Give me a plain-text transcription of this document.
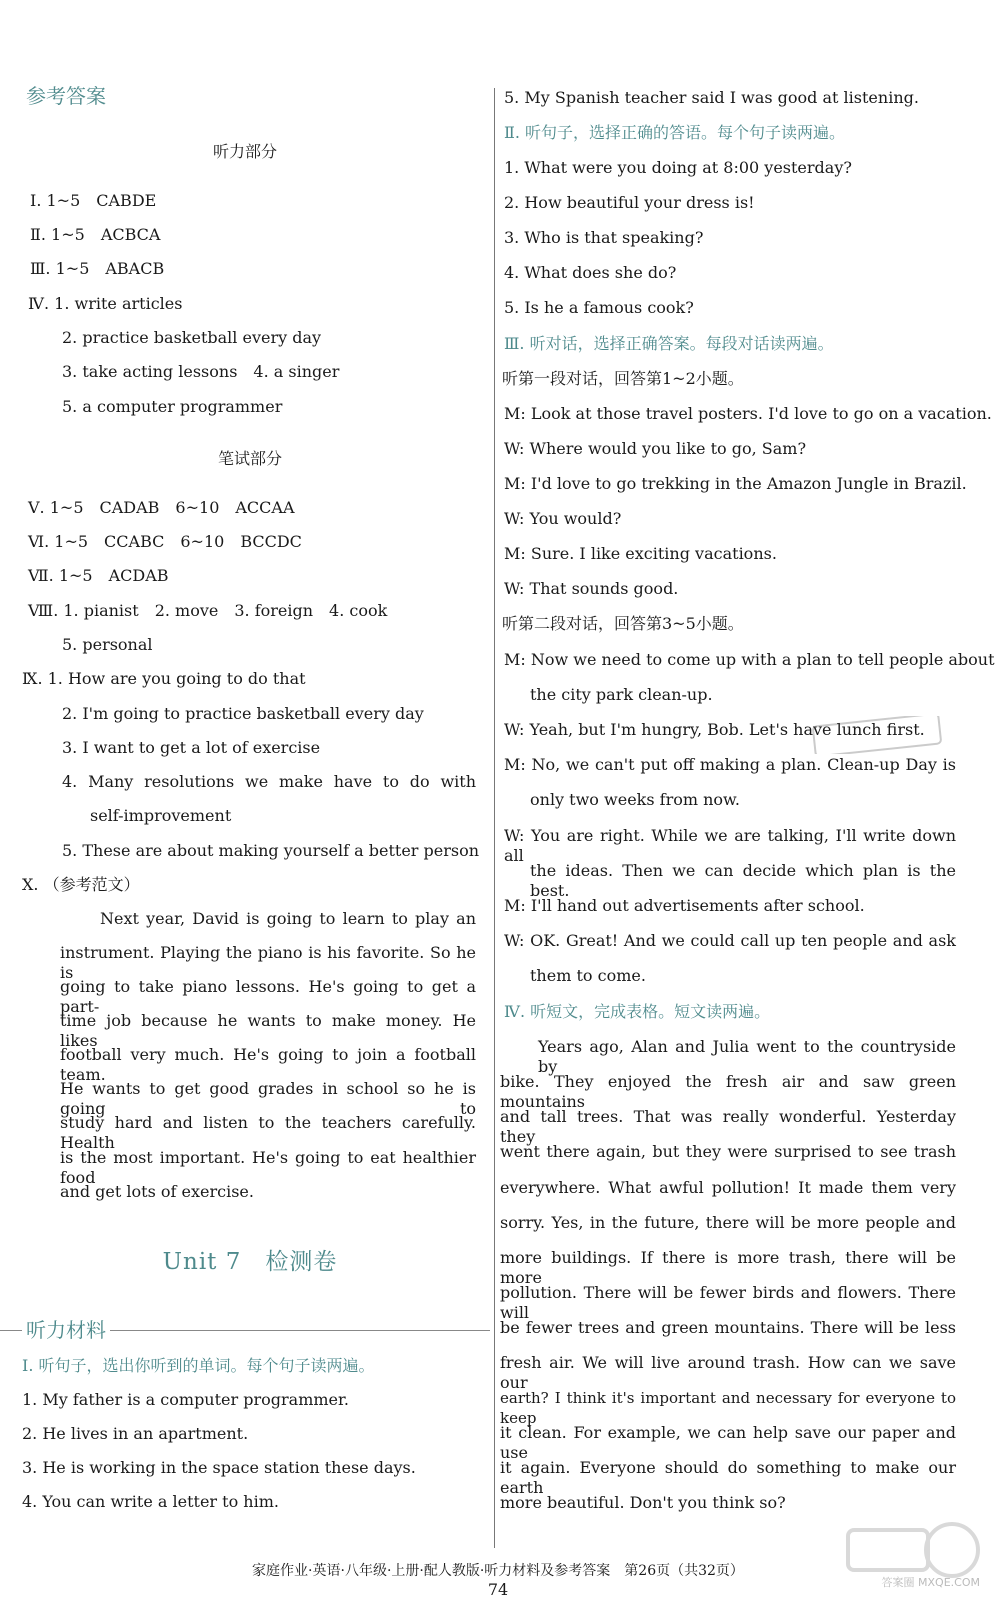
参考答案
听力部分
Ⅰ. 1~5　CABDE
Ⅱ. 1~5　ACBCA
Ⅲ. 1~5　ABACB
Ⅳ. 1. write articles
2. practice basketball every day
3. take acting lessons　4. a singer
5. a computer programmer
笔试部分
Ⅴ. 1~5　CADAB　6~10　ACCAA
Ⅵ. 1~5　CCABC　6~10　BCCDC
Ⅶ. 1~5　ACDAB
Ⅷ. 1. pianist　2. move　3. foreign　4. cook
5. personal
Ⅸ. 1. How are you going to do that
2. I'm going to practice basketball every day
3. I want to get a lot of exercise
4. Many resolutions we make have to do with
self-improvement
5. These are about making yourself a better person
Ⅹ. （参考范文）
Next year, David is going to learn to play an
instrument. Playing the piano is his favorite. So he is
going to take piano lessons. He's going to get a part-
time job because he wants to make money. He likes
football very much. He's going to join a football team.
He wants to get good grades in school so he is going to
study hard and listen to the teachers carefully. Health
is the most important. He's going to eat healthier food
and get lots of exercise.
Unit 7　检测卷
听力材料
Ⅰ. 听句子，选出你听到的单词。每个句子读两遍。
1. My father is a computer programmer.
2. He lives in an apartment.
3. He is working in the space station these days.
4. You can write a letter to him.
5. My Spanish teacher said I was good at listening.
Ⅱ. 听句子，选择正确的答语。每个句子读两遍。
1. What were you doing at 8:00 yesterday?
2. How beautiful your dress is!
3. Who is that speaking?
4. What does she do?
5. Is he a famous cook?
Ⅲ. 听对话，选择正确答案。每段对话读两遍。
听第一段对话，回答第1~2小题。
M: Look at those travel posters. I'd love to go on a vacation.
W: Where would you like to go, Sam?
M: I'd love to go trekking in the Amazon Jungle in Brazil.
W: You would?
M: Sure. I like exciting vacations.
W: That sounds good.
听第二段对话，回答第3~5小题。
M: Now we need to come up with a plan to tell people about
the city park clean-up.
W: Yeah, but I'm hungry, Bob. Let's have lunch first.
M: No, we can't put off making a plan. Clean-up Day is
only two weeks from now.
W: You are right. While we are talking, I'll write down all
the ideas. Then we can decide which plan is the best.
M: I'll hand out advertisements after school.
W: OK. Great! And we could call up ten people and ask
them to come.
Ⅳ. 听短文，完成表格。短文读两遍。
Years ago, Alan and Julia went to the countryside by
bike. They enjoyed the fresh air and saw green mountains
and tall trees. That was really wonderful. Yesterday they
went there again, but they were surprised to see trash
everywhere. What awful pollution! It made them very
sorry. Yes, in the future, there will be more people and
more buildings. If there is more trash, there will be more
pollution. There will be fewer birds and flowers. There will
be fewer trees and green mountains. There will be less
fresh air. We will live around trash. How can we save our
earth? I think it's important and necessary for everyone to keep
it clean. For example, we can help save our paper and use
it again. Everyone should do something to make our earth
more beautiful. Don't you think so?
家庭作业·英语·八年级·上册·配人教版·听力材料及参考答案　第26页（共32页）
74	答案圈 MXQE.COM
